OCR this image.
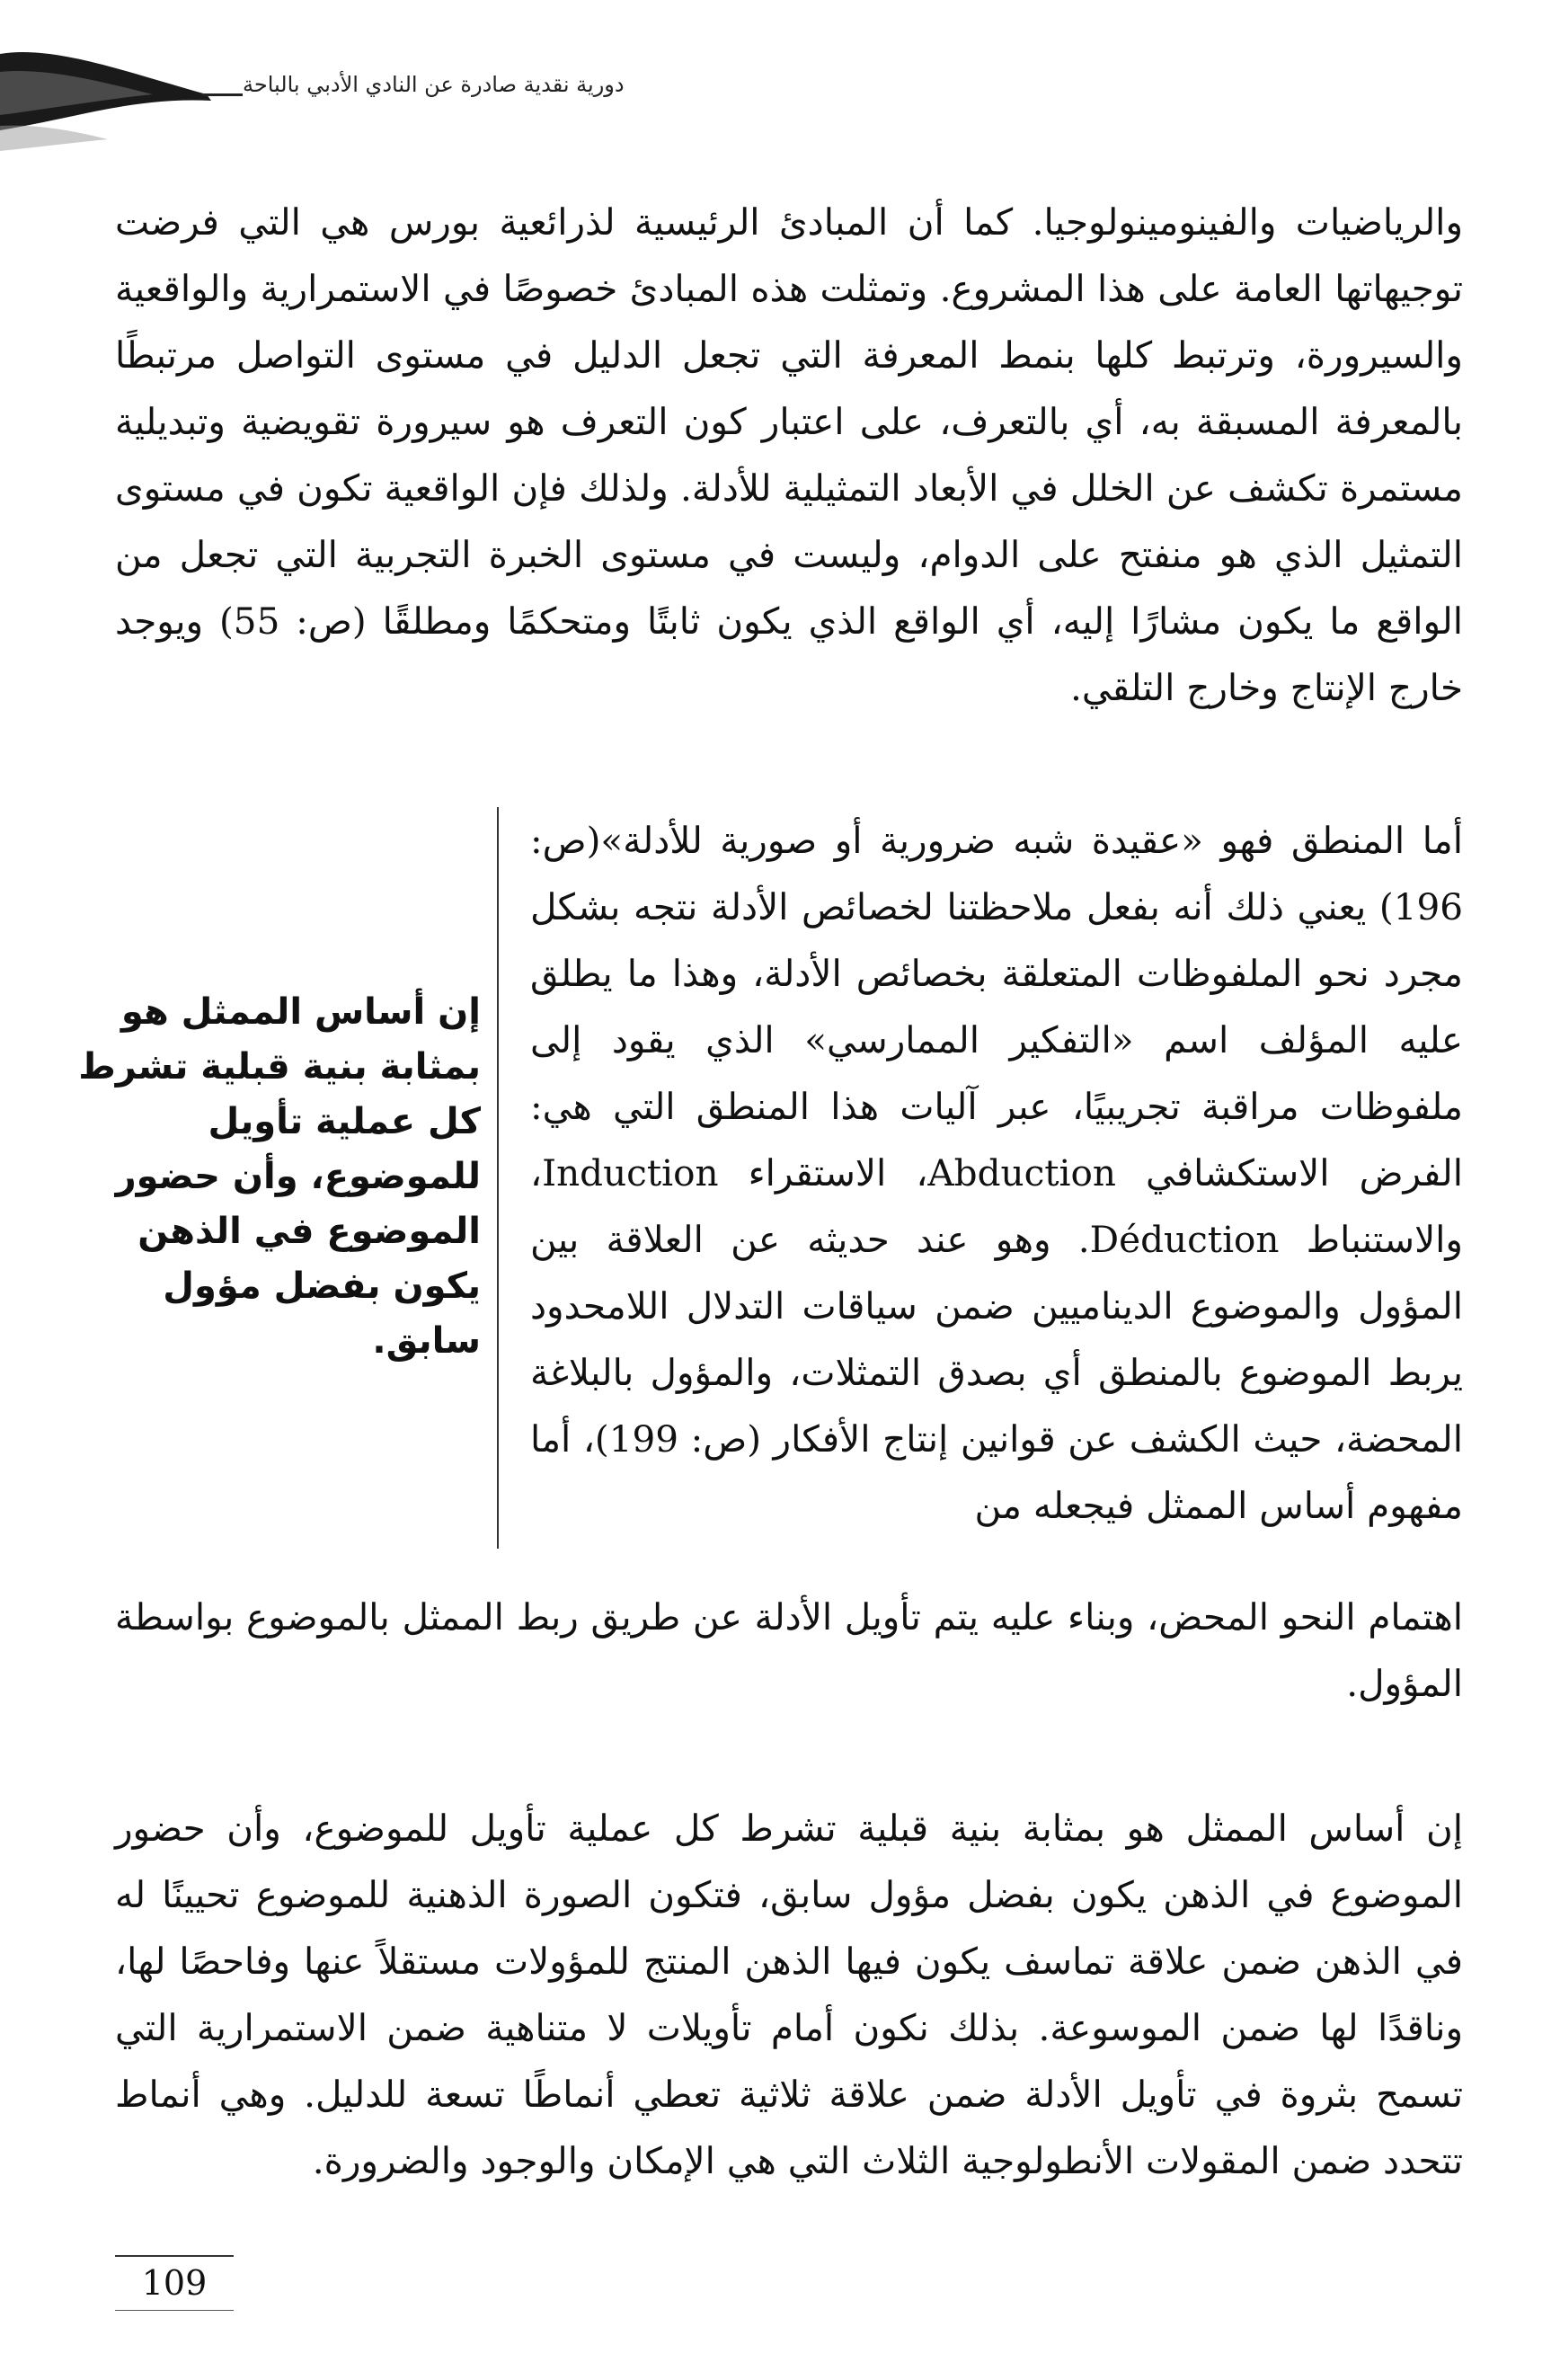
دورية نقدية صادرة عن النادي الأدبي بالباحة

والرياضيات والفينومينولوجيا. كما أن المبادئ الرئيسية لذرائعية بورس هي التي فرضت توجيهاتها العامة على هذا المشروع. وتمثلت هذه المبادئ خصوصًا في الاستمرارية والواقعية والسيرورة، وترتبط كلها بنمط المعرفة التي تجعل الدليل في مستوى التواصل مرتبطًا بالمعرفة المسبقة به، أي بالتعرف، على اعتبار كون التعرف هو سيرورة تقويضية وتبديلية مستمرة تكشف عن الخلل في الأبعاد التمثيلية للأدلة. ولذلك فإن الواقعية تكون في مستوى التمثيل الذي هو منفتح على الدوام، وليست في مستوى الخبرة التجربية التي تجعل من الواقع ما يكون مشارًا إليه، أي الواقع الذي يكون ثابتًا ومتحكمًا ومطلقًا (ص: 55) ويوجد خارج الإنتاج وخارج التلقي.

أما المنطق فهو «عقيدة شبه ضرورية أو صورية للأدلة»(ص: 196) يعني ذلك أنه بفعل ملاحظتنا لخصائص الأدلة نتجه بشكل مجرد نحو الملفوظات المتعلقة بخصائص الأدلة، وهذا ما يطلق عليه المؤلف اسم «التفكير الممارسي» الذي يقود إلى ملفوظات مراقبة تجريبيًا، عبر آليات هذا المنطق التي هي: الفرض الاستكشافي Abduction، الاستقراء Induction، والاستنباط Déduction. وهو عند حديثه عن العلاقة بين المؤول والموضوع الديناميين ضمن سياقات التدلال اللامحدود يربط الموضوع بالمنطق أي بصدق التمثلات، والمؤول بالبلاغة المحضة، حيث الكشف عن قوانين إنتاج الأفكار (ص: 199)، أما مفهوم أساس الممثل فيجعله من

إن أساس الممثل هو بمثابة بنية قبلية تشرط كل عملية تأويل للموضوع، وأن حضور الموضوع في الذهن يكون بفضل مؤول سابق.

اهتمام النحو المحض، وبناء عليه يتم تأويل الأدلة عن طريق ربط الممثل بالموضوع بواسطة المؤول.

إن أساس الممثل هو بمثابة بنية قبلية تشرط كل عملية تأويل للموضوع، وأن حضور الموضوع في الذهن يكون بفضل مؤول سابق، فتكون الصورة الذهنية للموضوع تحيينًا له في الذهن ضمن علاقة تماسف يكون فيها الذهن المنتج للمؤولات مستقلاً عنها وفاحصًا لها، وناقدًا لها ضمن الموسوعة. بذلك نكون أمام تأويلات لا متناهية ضمن الاستمرارية التي تسمح بثروة في تأويل الأدلة ضمن علاقة ثلاثية تعطي أنماطًا تسعة للدليل. وهي أنماط تتحدد ضمن المقولات الأنطولوجية الثلاث التي هي الإمكان والوجود والضرورة.

109
